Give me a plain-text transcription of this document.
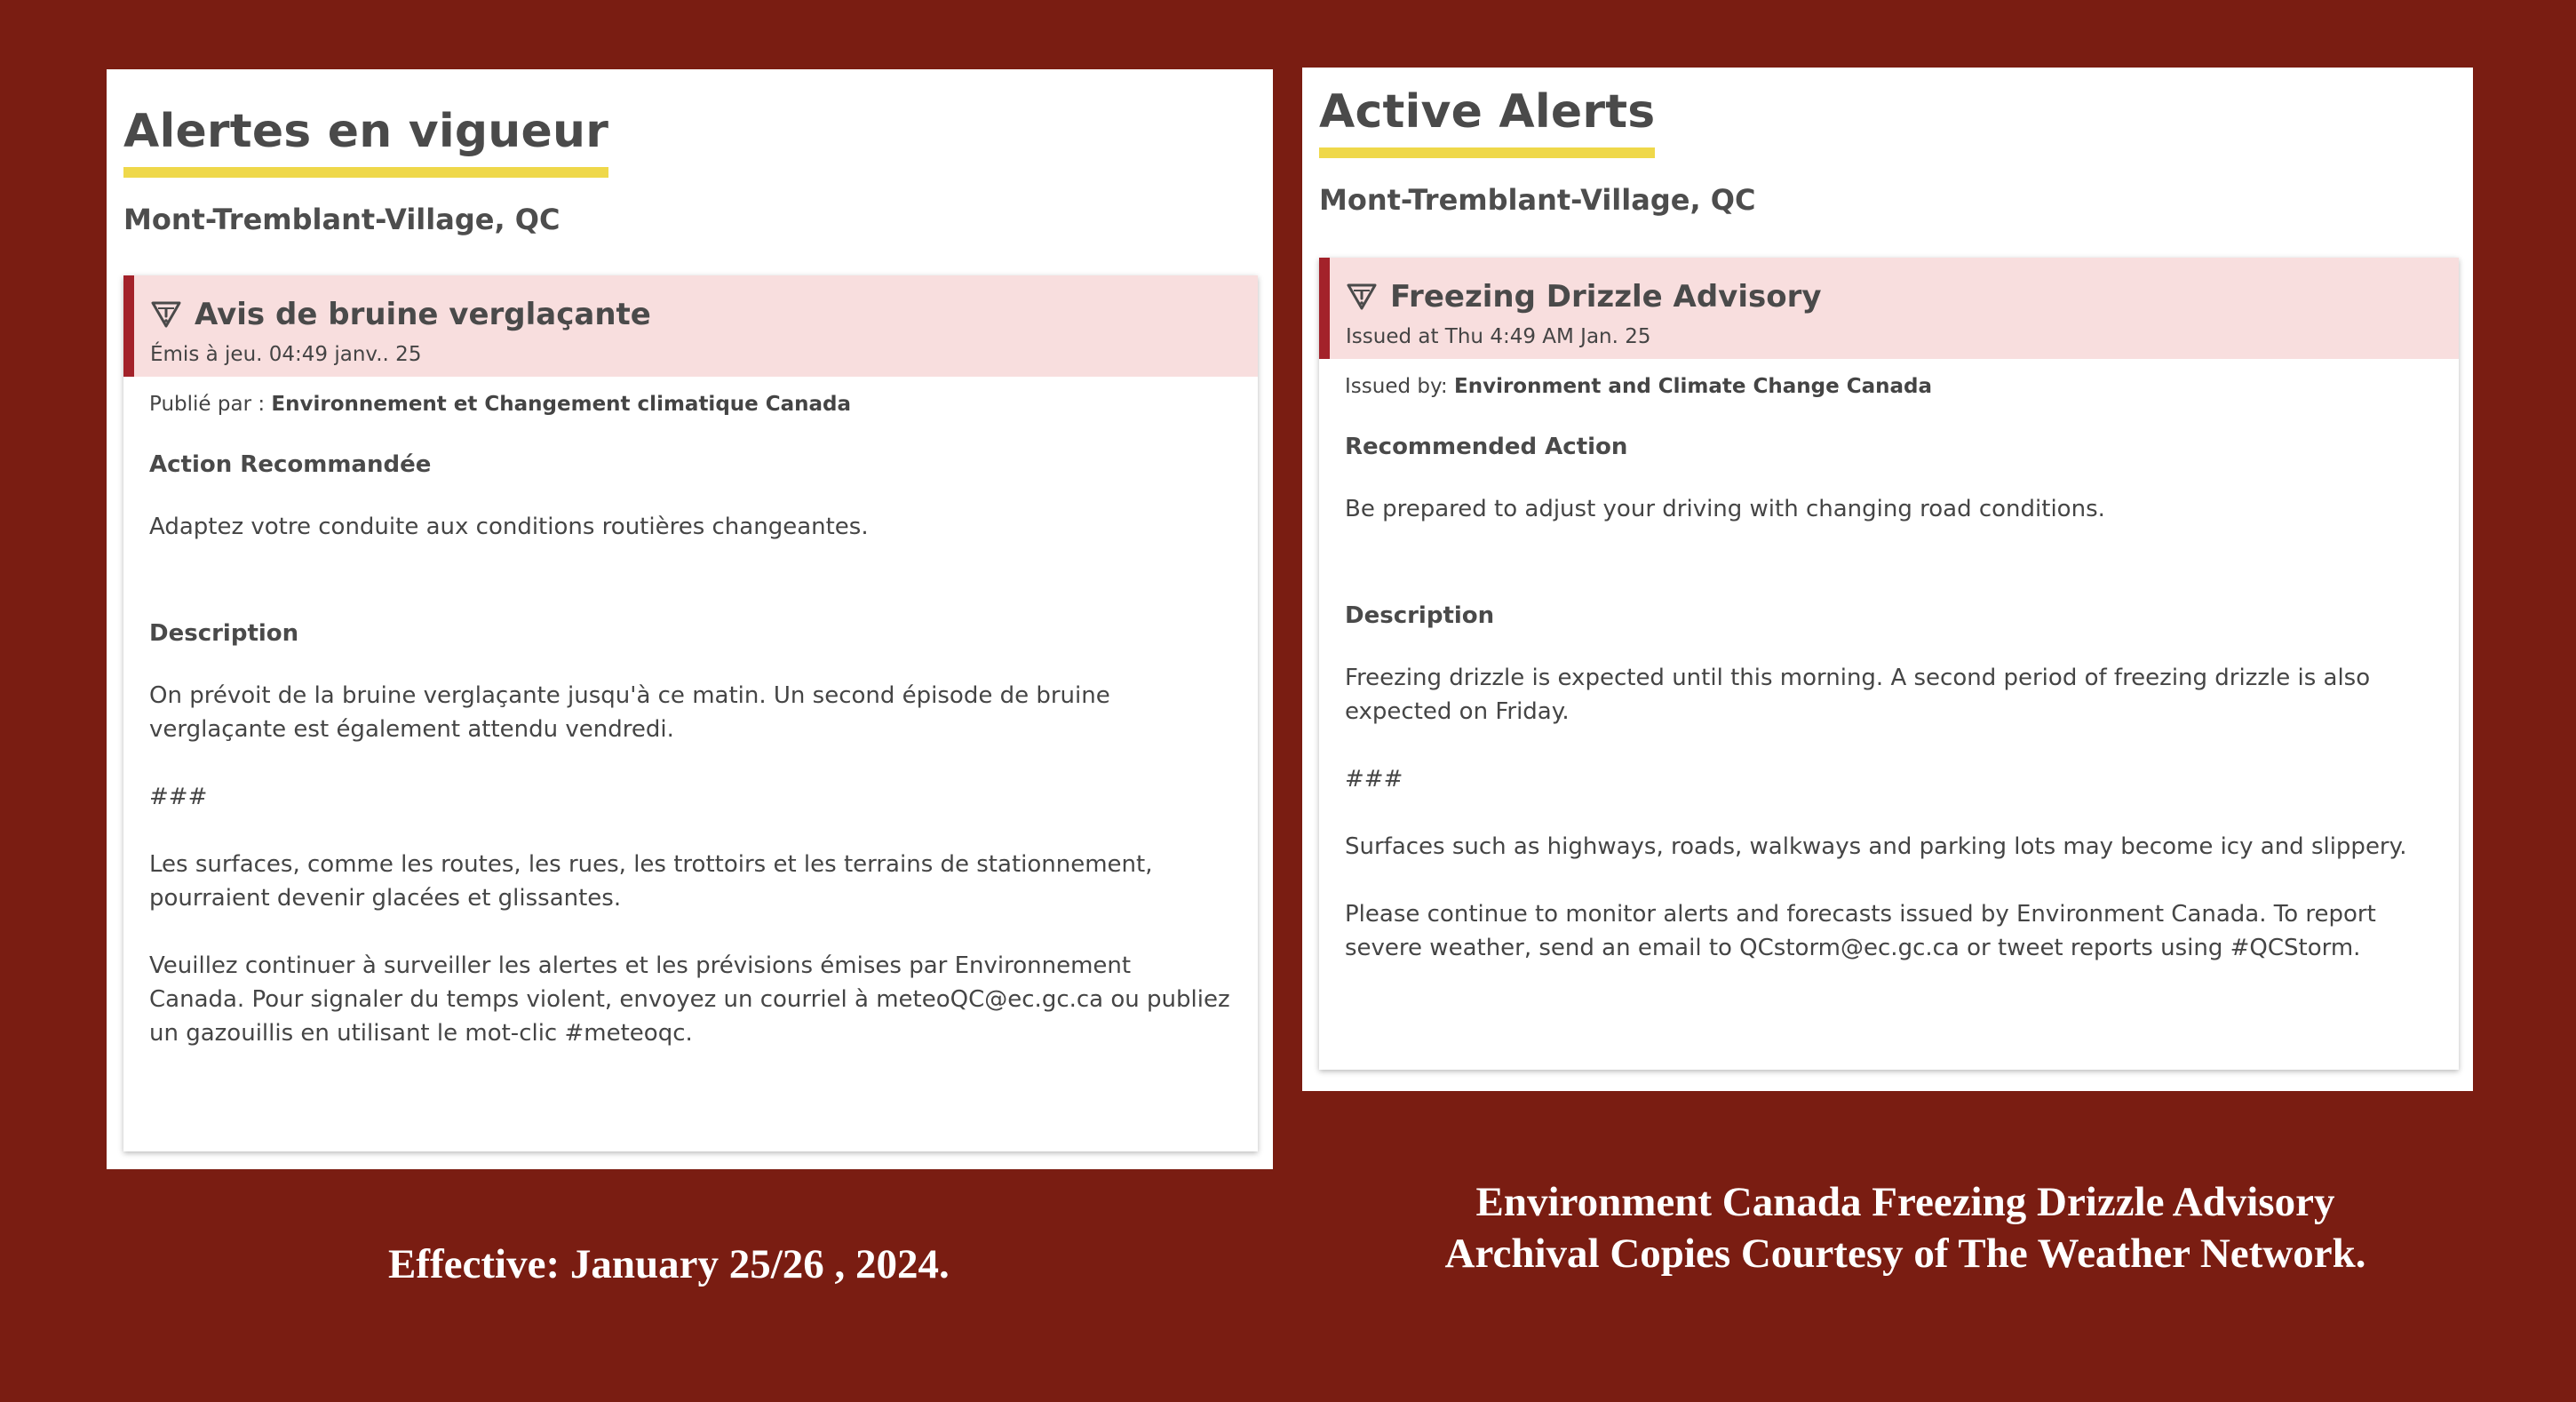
Alertes en vigueur
Mont-Tremblant-Village, QC
Avis de bruine verglaçante
Émis à jeu. 04:49 janv.. 25
Publié par : Environnement et Changement climatique Canada
Action Recommandée

Adaptez votre conduite aux conditions routières changeantes.

Description

On prévoit de la bruine verglaçante jusqu'à ce matin. Un second épisode de bruine verglaçante est également attendu vendredi.

###

Les surfaces, comme les routes, les rues, les trottoirs et les terrains de stationnement, pourraient devenir glacées et glissantes.

Veuillez continuer à surveiller les alertes et les prévisions émises par Environnement Canada. Pour signaler du temps violent, envoyez un courriel à meteoQC@ec.gc.ca ou publiez un gazouillis en utilisant le mot-clic #meteoqc.

Active Alerts
Mont-Tremblant-Village, QC
Freezing Drizzle Advisory
Issued at Thu 4:49 AM Jan. 25
Issued by: Environment and Climate Change Canada
Recommended Action

Be prepared to adjust your driving with changing road conditions.

Description

Freezing drizzle is expected until this morning. A second period of freezing drizzle is also expected on Friday.

###

Surfaces such as highways, roads, walkways and parking lots may become icy and slippery.

Please continue to monitor alerts and forecasts issued by Environment Canada. To report severe weather, send an email to QCstorm@ec.gc.ca or tweet reports using #QCStorm.

Effective: January 25/26 , 2024.
Environment Canada Freezing Drizzle Advisory
Archival Copies Courtesy of The Weather Network.
